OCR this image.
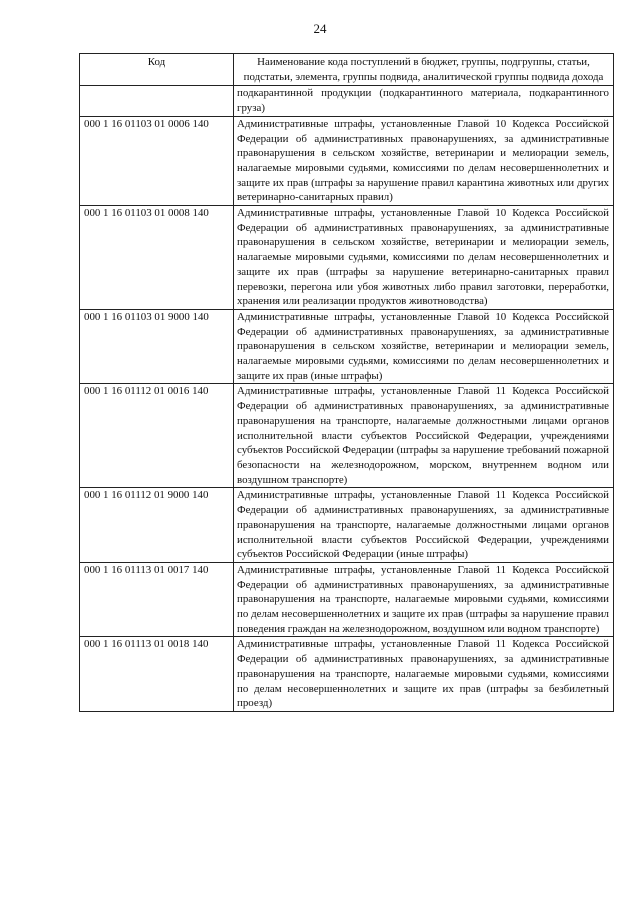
24
Код	Наименование кода поступлений в бюджет, группы, подгруппы, статьи, подстатьи, элемента, группы подвида, аналитической группы подвида дохода
	подкарантинной продукции (подкарантинного материала, подкарантинного груза)
000 1 16 01103 01 0006 140	Административные штрафы, установленные Главой 10 Кодекса Российской Федерации об административных правонарушениях, за административные правонарушения в сельском хозяйстве, ветеринарии и мелиорации земель, налагаемые мировыми судьями, комиссиями по делам несовершеннолетних и защите их прав (штрафы за нарушение правил карантина животных или других ветеринарно-санитарных правил)
000 1 16 01103 01 0008 140	Административные штрафы, установленные Главой 10 Кодекса Российской Федерации об административных правонарушениях, за административные правонарушения в сельском хозяйстве, ветеринарии и мелиорации земель, налагаемые мировыми судьями, комиссиями по делам несовершеннолетних и защите их прав (штрафы за нарушение ветеринарно-санитарных правил перевозки, перегона или убоя животных либо правил заготовки, переработки, хранения или реализации продуктов животноводства)
000 1 16 01103 01 9000 140	Административные штрафы, установленные Главой 10 Кодекса Российской Федерации об административных правонарушениях, за административные правонарушения в сельском хозяйстве, ветеринарии и мелиорации земель, налагаемые мировыми судьями, комиссиями по делам несовершеннолетних и защите их прав (иные штрафы)
000 1 16 01112 01 0016 140	Административные штрафы, установленные Главой 11 Кодекса Российской Федерации об административных правонарушениях, за административные правонарушения на транспорте, налагаемые должностными лицами органов исполнительной власти субъектов Российской Федерации, учреждениями субъектов Российской Федерации (штрафы за нарушение требований пожарной безопасности на железнодорожном, морском, внутреннем водном или воздушном транспорте)
000 1 16 01112 01 9000 140	Административные штрафы, установленные Главой 11 Кодекса Российской Федерации об административных правонарушениях, за административные правонарушения на транспорте, налагаемые должностными лицами органов исполнительной власти субъектов Российской Федерации, учреждениями субъектов Российской Федерации (иные штрафы)
000 1 16 01113 01 0017 140	Административные штрафы, установленные Главой 11 Кодекса Российской Федерации об административных правонарушениях, за административные правонарушения на транспорте, налагаемые мировыми судьями, комиссиями по делам несовершеннолетних и защите их прав (штрафы за нарушение правил поведения граждан на железнодорожном, воздушном или водном транспорте)
000 1 16 01113 01 0018 140	Административные штрафы, установленные Главой 11 Кодекса Российской Федерации об административных правонарушениях, за административные правонарушения на транспорте, налагаемые мировыми судьями, комиссиями по делам несовершеннолетних и защите их прав (штрафы за безбилетный проезд)
